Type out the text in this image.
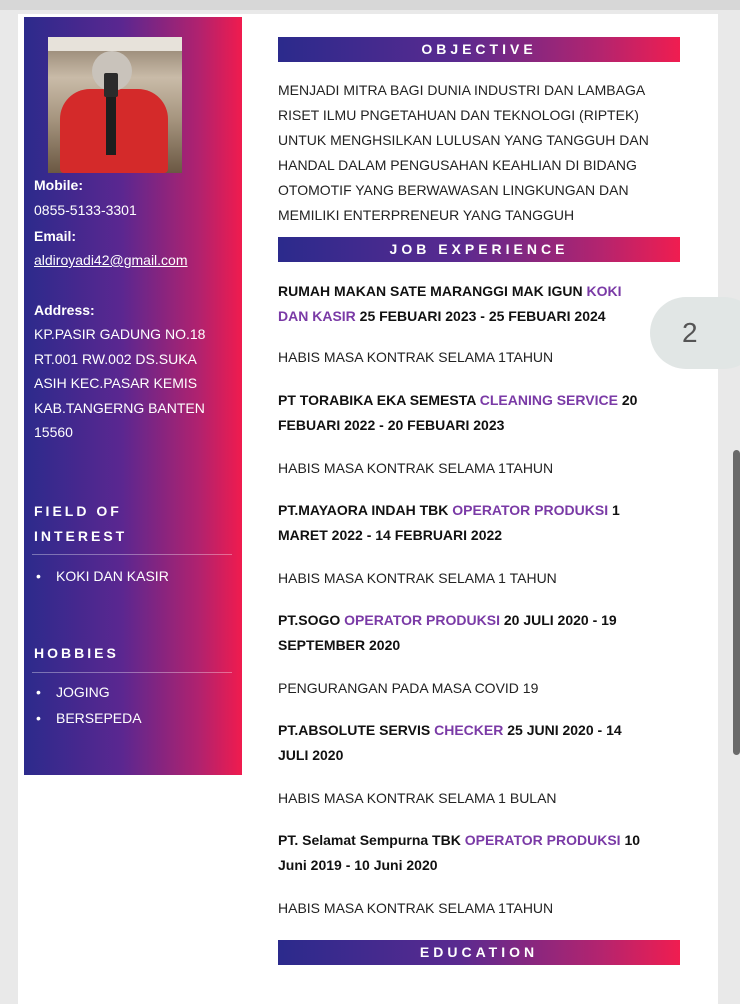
Mobile:
0855-5133-3301
Email:
aldiroyadi42@gmail.com
Address:
KP.PASIR GADUNG NO.18
RT.001 RW.002 DS.SUKA
ASIH KEC.PASAR KEMIS
KAB.TANGERNG BANTEN
15560
FIELD OF
INTEREST
• KOKI DAN KASIR
HOBBIES
• JOGING
• BERSEPEDA
OBJECTIVE
MENJADI MITRA BAGI DUNIA INDUSTRI DAN LAMBAGA
RISET ILMU PNGETAHUAN DAN TEKNOLOGI (RIPTEK)
UNTUK MENGHSILKAN LULUSAN YANG TANGGUH DAN
HANDAL DALAM PENGUSAHAN KEAHLIAN DI BIDANG
OTOMOTIF YANG BERWAWASAN LINGKUNGAN DAN
MEMILIKI ENTERPRENEUR YANG TANGGUH
JOB EXPERIENCE
RUMAH MAKAN SATE MARANGGI MAK IGUN KOKI
DAN KASIR 25 FEBUARI 2023 - 25 FEBUARI 2024
HABIS MASA KONTRAK SELAMA 1TAHUN
PT TORABIKA EKA SEMESTA CLEANING SERVICE 20
FEBUARI 2022 - 20 FEBUARI 2023
HABIS MASA KONTRAK SELAMA 1TAHUN
PT.MAYAORA INDAH TBK OPERATOR PRODUKSI 1
MARET 2022 - 14 FEBRUARI 2022
HABIS MASA KONTRAK SELAMA 1 TAHUN
PT.SOGO OPERATOR PRODUKSI 20 JULI 2020 - 19
SEPTEMBER 2020
PENGURANGAN PADA MASA COVID 19
PT.ABSOLUTE SERVIS CHECKER 25 JUNI 2020 - 14
JULI 2020
HABIS MASA KONTRAK SELAMA 1 BULAN
PT. Selamat Sempurna TBK OPERATOR PRODUKSI 10
Juni 2019 - 10 Juni 2020
HABIS MASA KONTRAK SELAMA 1TAHUN
EDUCATION
2
